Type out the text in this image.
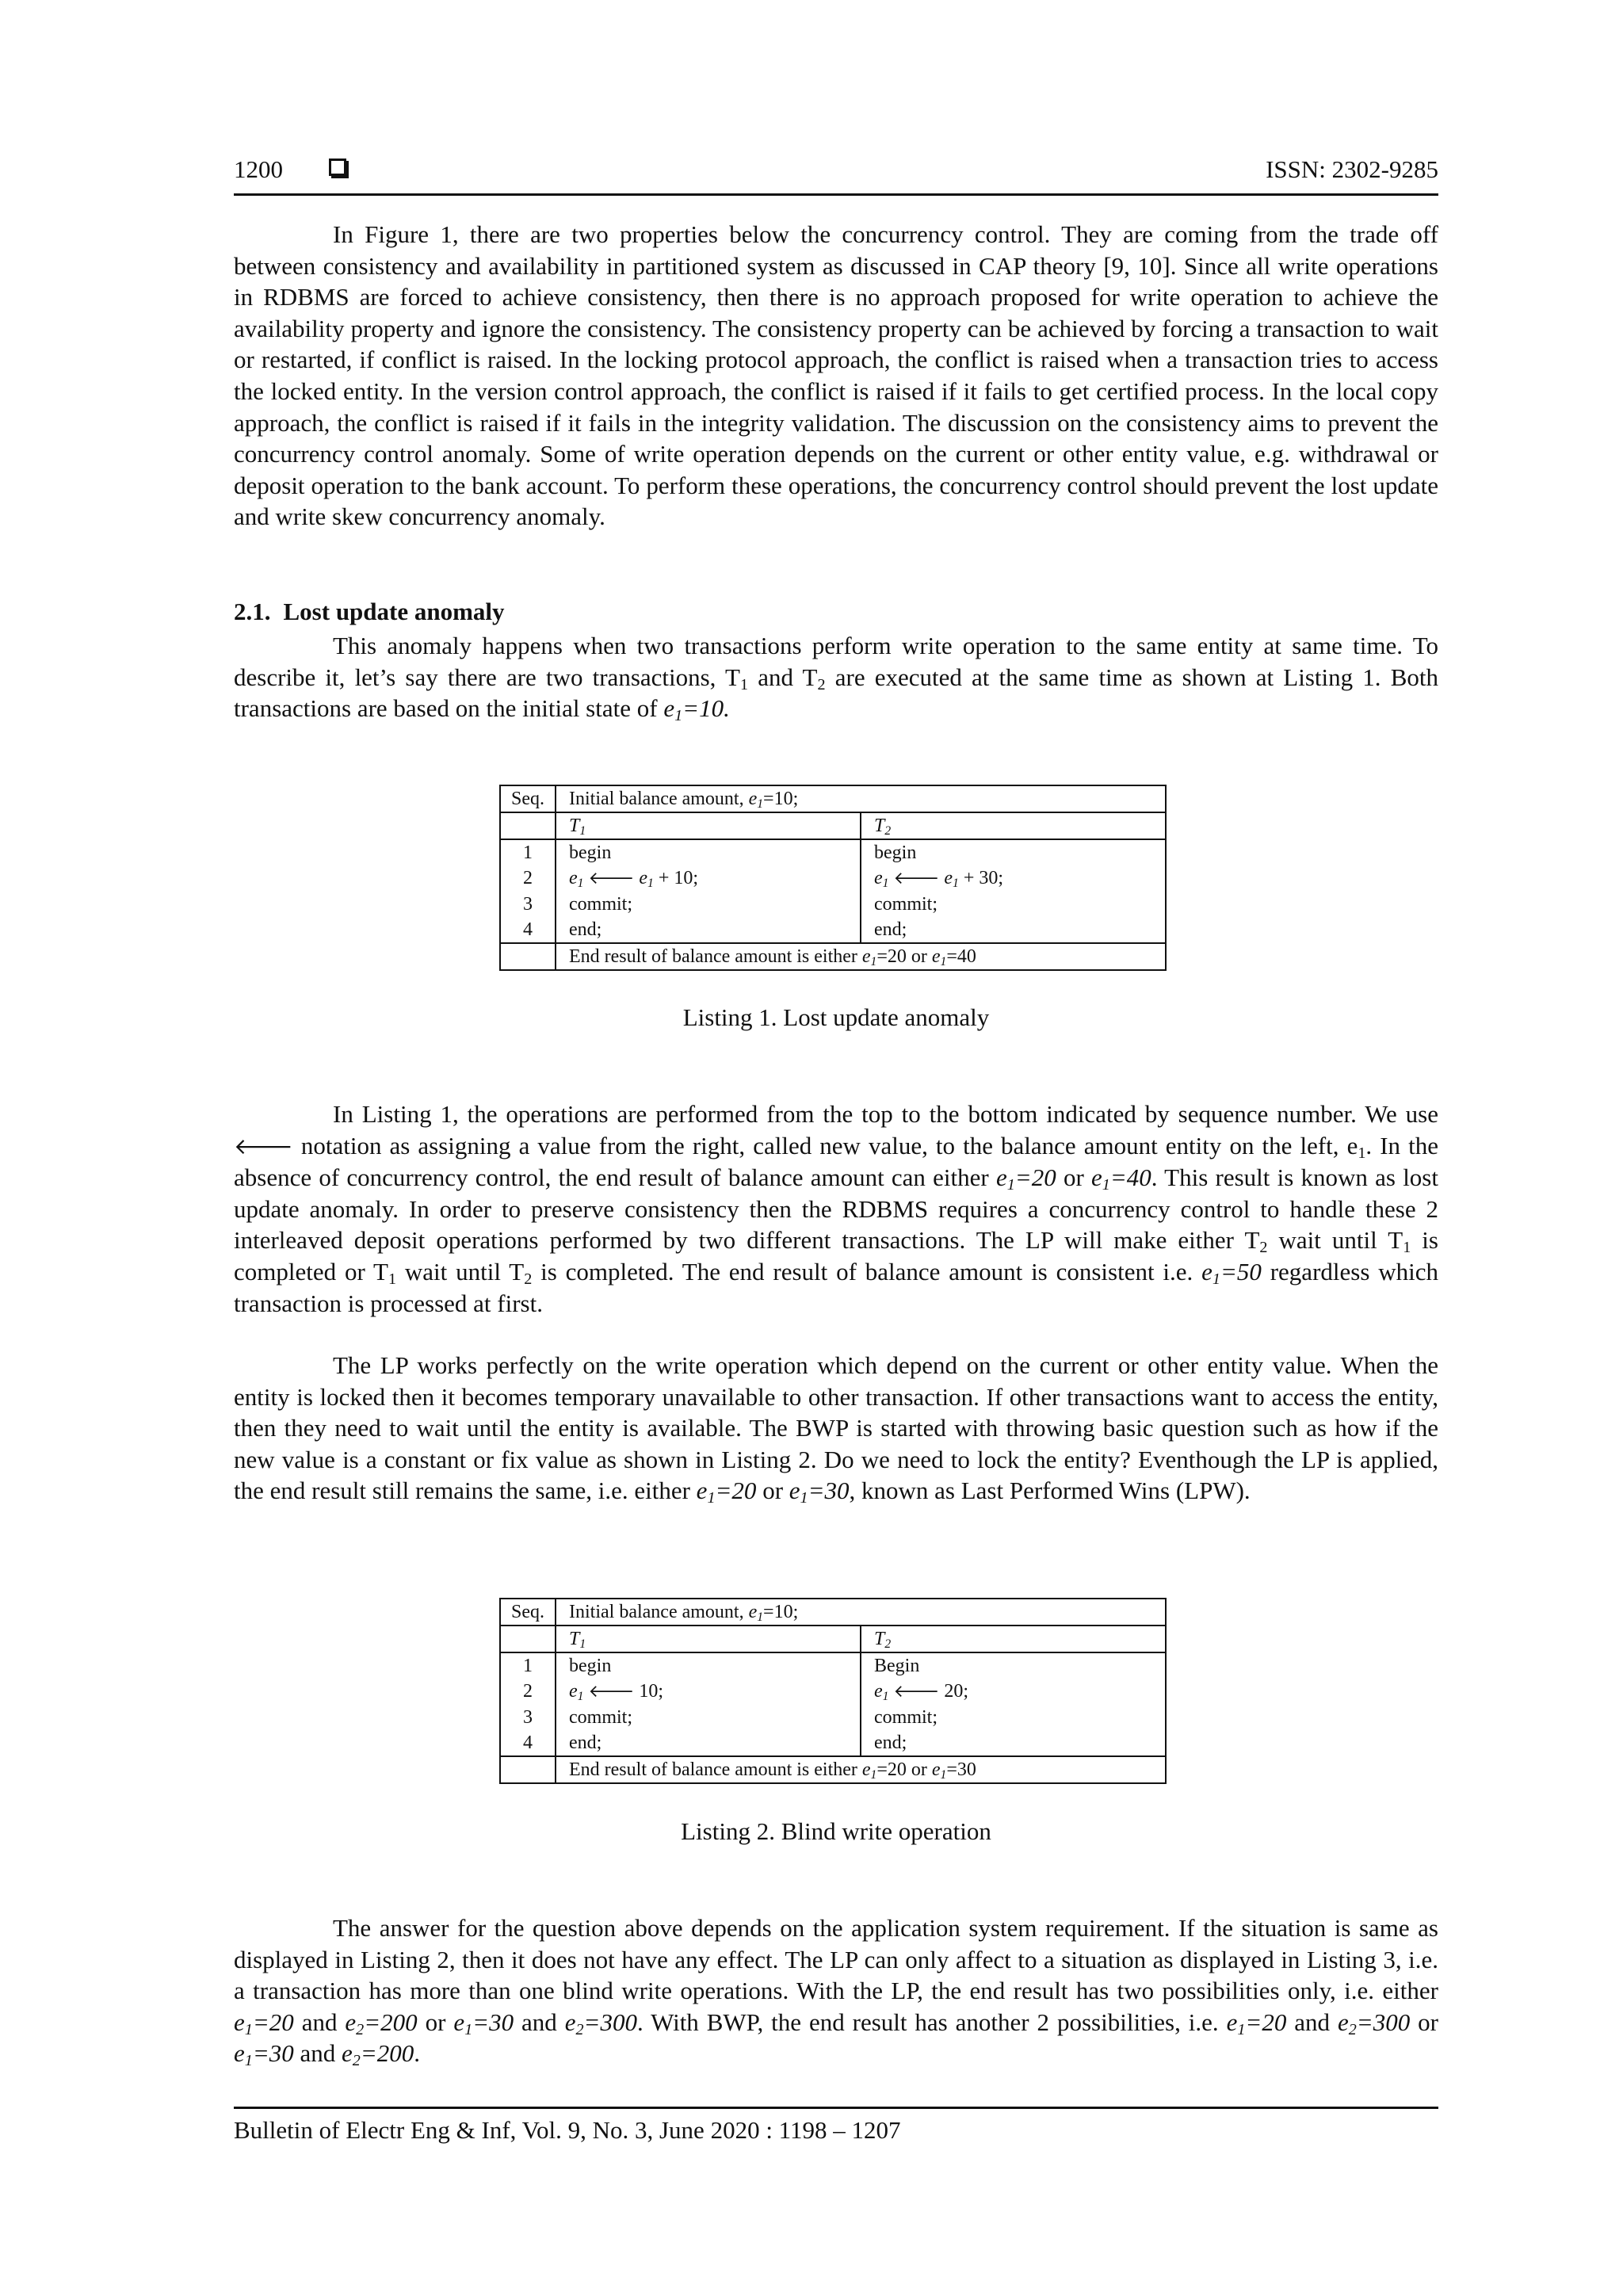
1200	ISSN: 2302-9285

In Figure 1, there are two properties below the concurrency control. They are coming from the trade off between consistency and availability in partitioned system as discussed in CAP theory [9, 10]. Since all write operations in RDBMS are forced to achieve consistency, then there is no approach proposed for write operation to achieve the availability property and ignore the consistency. The consistency property can be achieved by forcing a transaction to wait or restarted, if conflict is raised. In the locking protocol approach, the conflict is raised when a transaction tries to access the locked entity. In the version control approach, the conflict is raised if it fails to get certified process. In the local copy approach, the conflict is raised if it fails in the integrity validation. The discussion on the consistency aims to prevent the concurrency control anomaly. Some of write operation depends on the current or other entity value, e.g. withdrawal or deposit operation to the bank account. To perform these operations, the concurrency control should prevent the lost update and write skew concurrency anomaly.

2.1. Lost update anomaly

This anomaly happens when two transactions perform write operation to the same entity at same time. To describe it, let’s say there are two transactions, $T_1$ and $T_2$ are executed at the same time as shown at Listing 1. Both transactions are based on the initial state of $e_1=10$.

Seq.	Initial balance amount, $e_1=10$;	
	$T_1$	$T_2$
1	begin	begin
2	$e_1$ 🡐 $e_1 + 10$;	$e_1$ 🡐 $e_1 + 30$;
3	commit;	commit;
4	end;	end;
	End result of balance amount is either $e_1=20$ or $e_1=40$	
Listing 1. Lost update anomaly

In Listing 1, the operations are performed from the top to the bottom indicated by sequence number. We use 🡐 notation as assigning a value from the right, called new value, to the balance amount entity on the left, $e_1$. In the absence of concurrency control, the end result of balance amount can either $e_1=20$ or $e_1=40$. This result is known as lost update anomaly. In order to preserve consistency then the RDBMS requires a concurrency control to handle these 2 interleaved deposit operations performed by two different transactions. The LP will make either $T_2$ wait until $T_1$ is completed or $T_1$ wait until $T_2$ is completed. The end result of balance amount is consistent i.e. $e_1=50$ regardless which transaction is processed at first.

The LP works perfectly on the write operation which depend on the current or other entity value. When the entity is locked then it becomes temporary unavailable to other transaction. If other transactions want to access the entity, then they need to wait until the entity is available. The BWP is started with throwing basic question such as how if the new value is a constant or fix value as shown in Listing 2. Do we need to lock the entity? Eventhough the LP is applied, the end result still remains the same, i.e. either $e_1=20$ or $e_1=30$, known as Last Performed Wins (LPW).

Seq.	Initial balance amount, $e_1=10$;	
	$T_1$	$T_2$
1	begin	Begin
2	$e_1$ 🡐 10;	$e_1$ 🡐 20;
3	commit;	commit;
4	end;	end;
	End result of balance amount is either $e_1=20$ or $e_1=30$	
Listing 2. Blind write operation

The answer for the question above depends on the application system requirement. If the situation is same as displayed in Listing 2, then it does not have any effect. The LP can only affect to a situation as displayed in Listing 3, i.e. a transaction has more than one blind write operations. With the LP, the end result has two possibilities only, i.e. either $e_1=20$ and $e_2=200$ or $e_1=30$ and $e_2=300$. With BWP, the end result has another 2 possibilities, i.e. $e_1=20$ and $e_2=300$ or $e_1=30$ and $e_2=200$.

Bulletin of Electr Eng & Inf, Vol. 9, No. 3, June 2020 : 1198 – 1207
